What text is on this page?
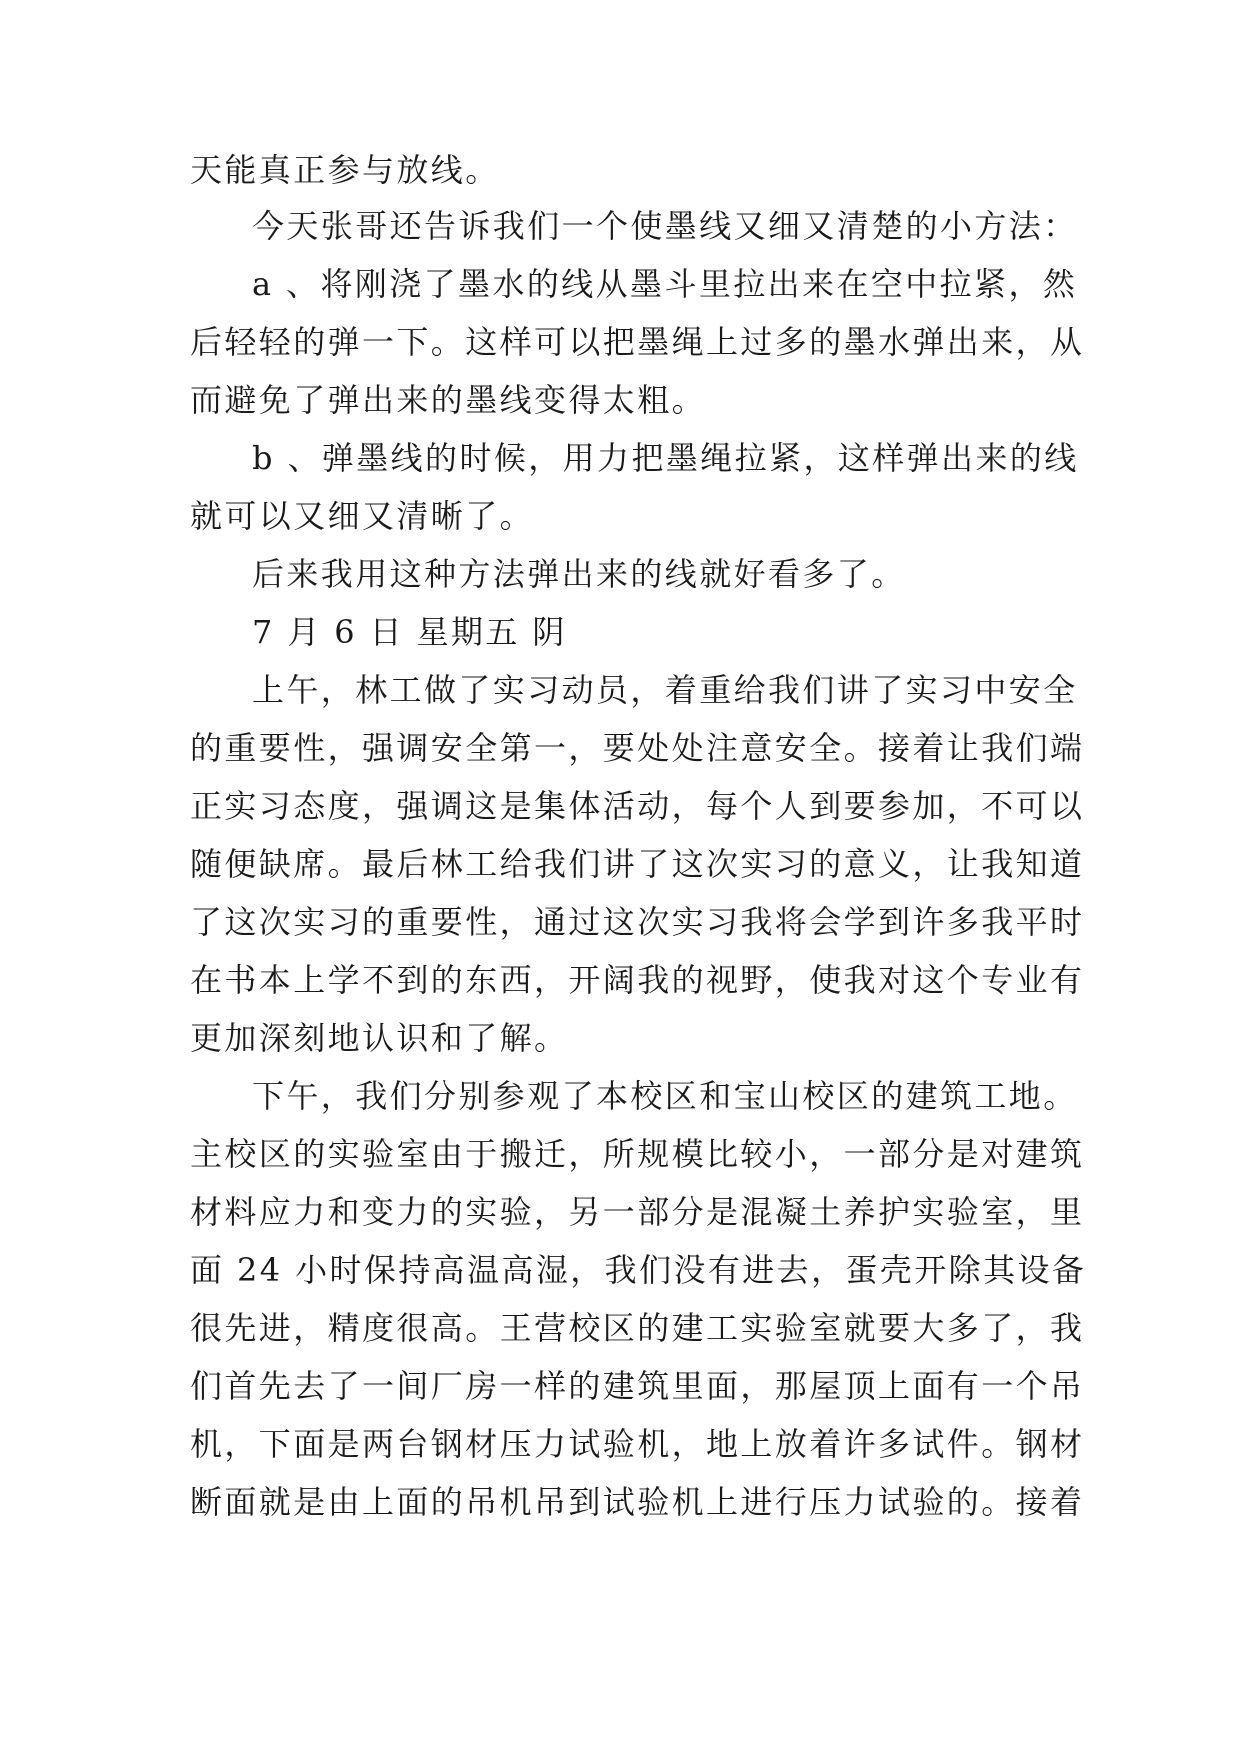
天能真正参与放线。
今天张哥还告诉我们一个使墨线又细又清楚的小方法：
a 、将刚浇了墨水的线从墨斗里拉出来在空中拉紧，然
后轻轻的弹一下。这样可以把墨绳上过多的墨水弹出来，从
而避免了弹出来的墨线变得太粗。
b 、弹墨线的时候，用力把墨绳拉紧，这样弹出来的线
就可以又细又清晰了。
后来我用这种方法弹出来的线就好看多了。
7 月 6 日 星期五 阴
上午，林工做了实习动员，着重给我们讲了实习中安全
的重要性，强调安全第一，要处处注意安全。接着让我们端
正实习态度，强调这是集体活动，每个人到要参加，不可以
随便缺席。最后林工给我们讲了这次实习的意义，让我知道
了这次实习的重要性，通过这次实习我将会学到许多我平时
在书本上学不到的东西，开阔我的视野，使我对这个专业有
更加深刻地认识和了解。
下午，我们分别参观了本校区和宝山校区的建筑工地。
主校区的实验室由于搬迁，所规模比较小，一部分是对建筑
材料应力和变力的实验，另一部分是混凝土养护实验室，里
面 24 小时保持高温高湿，我们没有进去，蛋壳开除其设备
很先进，精度很高。王营校区的建工实验室就要大多了，我
们首先去了一间厂房一样的建筑里面，那屋顶上面有一个吊
机，下面是两台钢材压力试验机，地上放着许多试件。钢材
断面就是由上面的吊机吊到试验机上进行压力试验的。接着
